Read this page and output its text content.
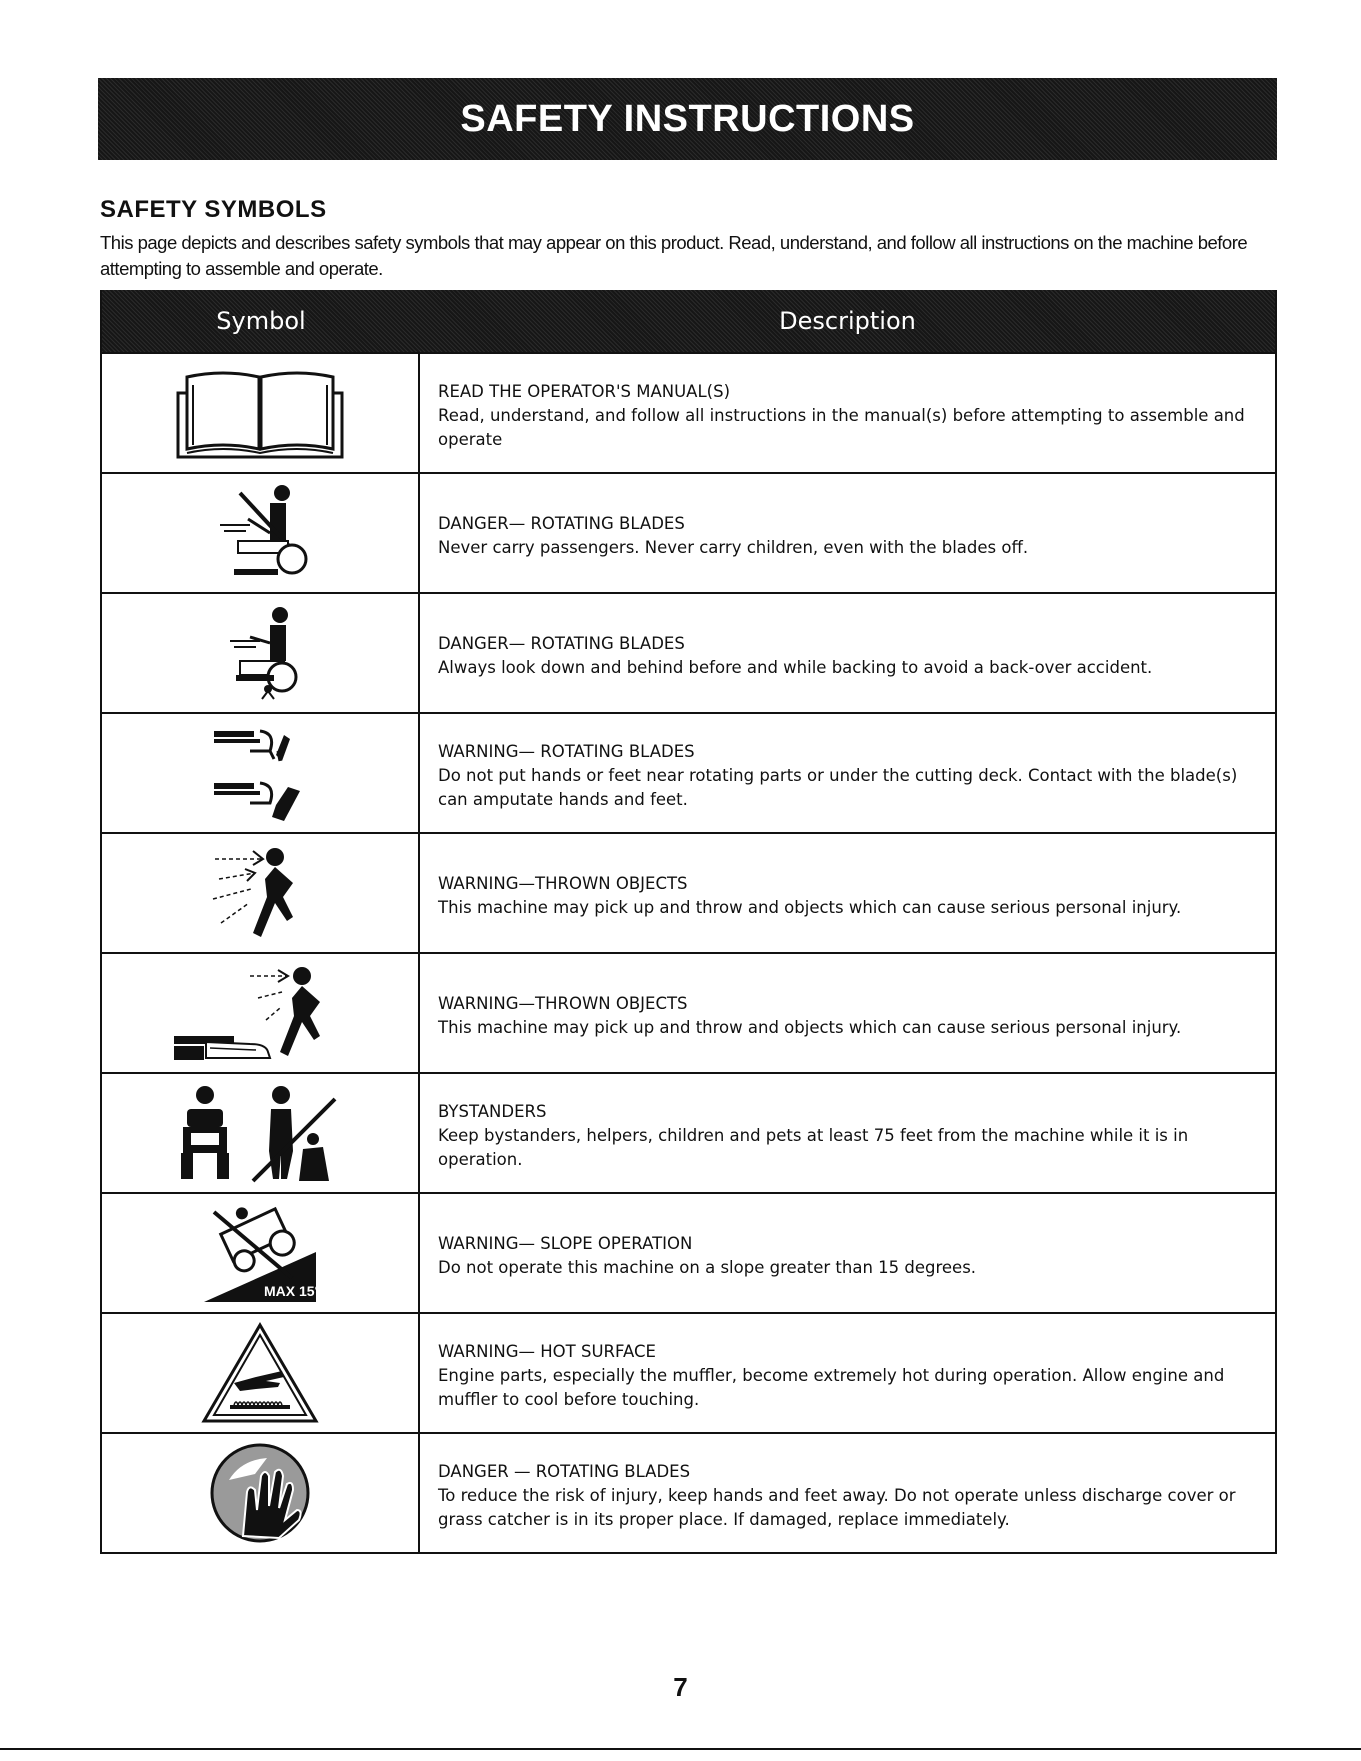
SAFETY INSTRUCTIONS
SAFETY SYMBOLS

This page depicts and describes safety symbols that may appear on this product. Read, understand, and follow all instructions on the machine before attempting to assemble and operate.

Symbol	Description
READ THE OPERATOR'S MANUAL(S)
Read, understand, and follow all instructions in the manual(s) before attempting to assemble and operate
DANGER— ROTATING BLADES
Never carry passengers. Never carry children, even with the blades off.
DANGER— ROTATING BLADES
Always look down and behind before and while backing to avoid a back-over accident.
WARNING— ROTATING BLADES
Do not put hands or feet near rotating parts or under the cutting deck. Contact with the blade(s) can amputate hands and feet.
WARNING—THROWN OBJECTS
This machine may pick up and throw and objects which can cause serious personal injury.
WARNING—THROWN OBJECTS
This machine may pick up and throw and objects which can cause serious personal injury.
BYSTANDERS
Keep bystanders, helpers, children and pets at least 75 feet from the machine while it is in operation.
MAX 15°
WARNING— SLOPE OPERATION
Do not operate this machine on a slope greater than 15 degrees.
WARNING— HOT SURFACE
Engine parts, especially the muffler, become extremely hot during operation. Allow engine and muffler to cool before touching.
DANGER — ROTATING BLADES
To reduce the risk of injury, keep hands and feet away. Do not operate unless discharge cover or grass catcher is in its proper place. If damaged, replace immediately.
7
